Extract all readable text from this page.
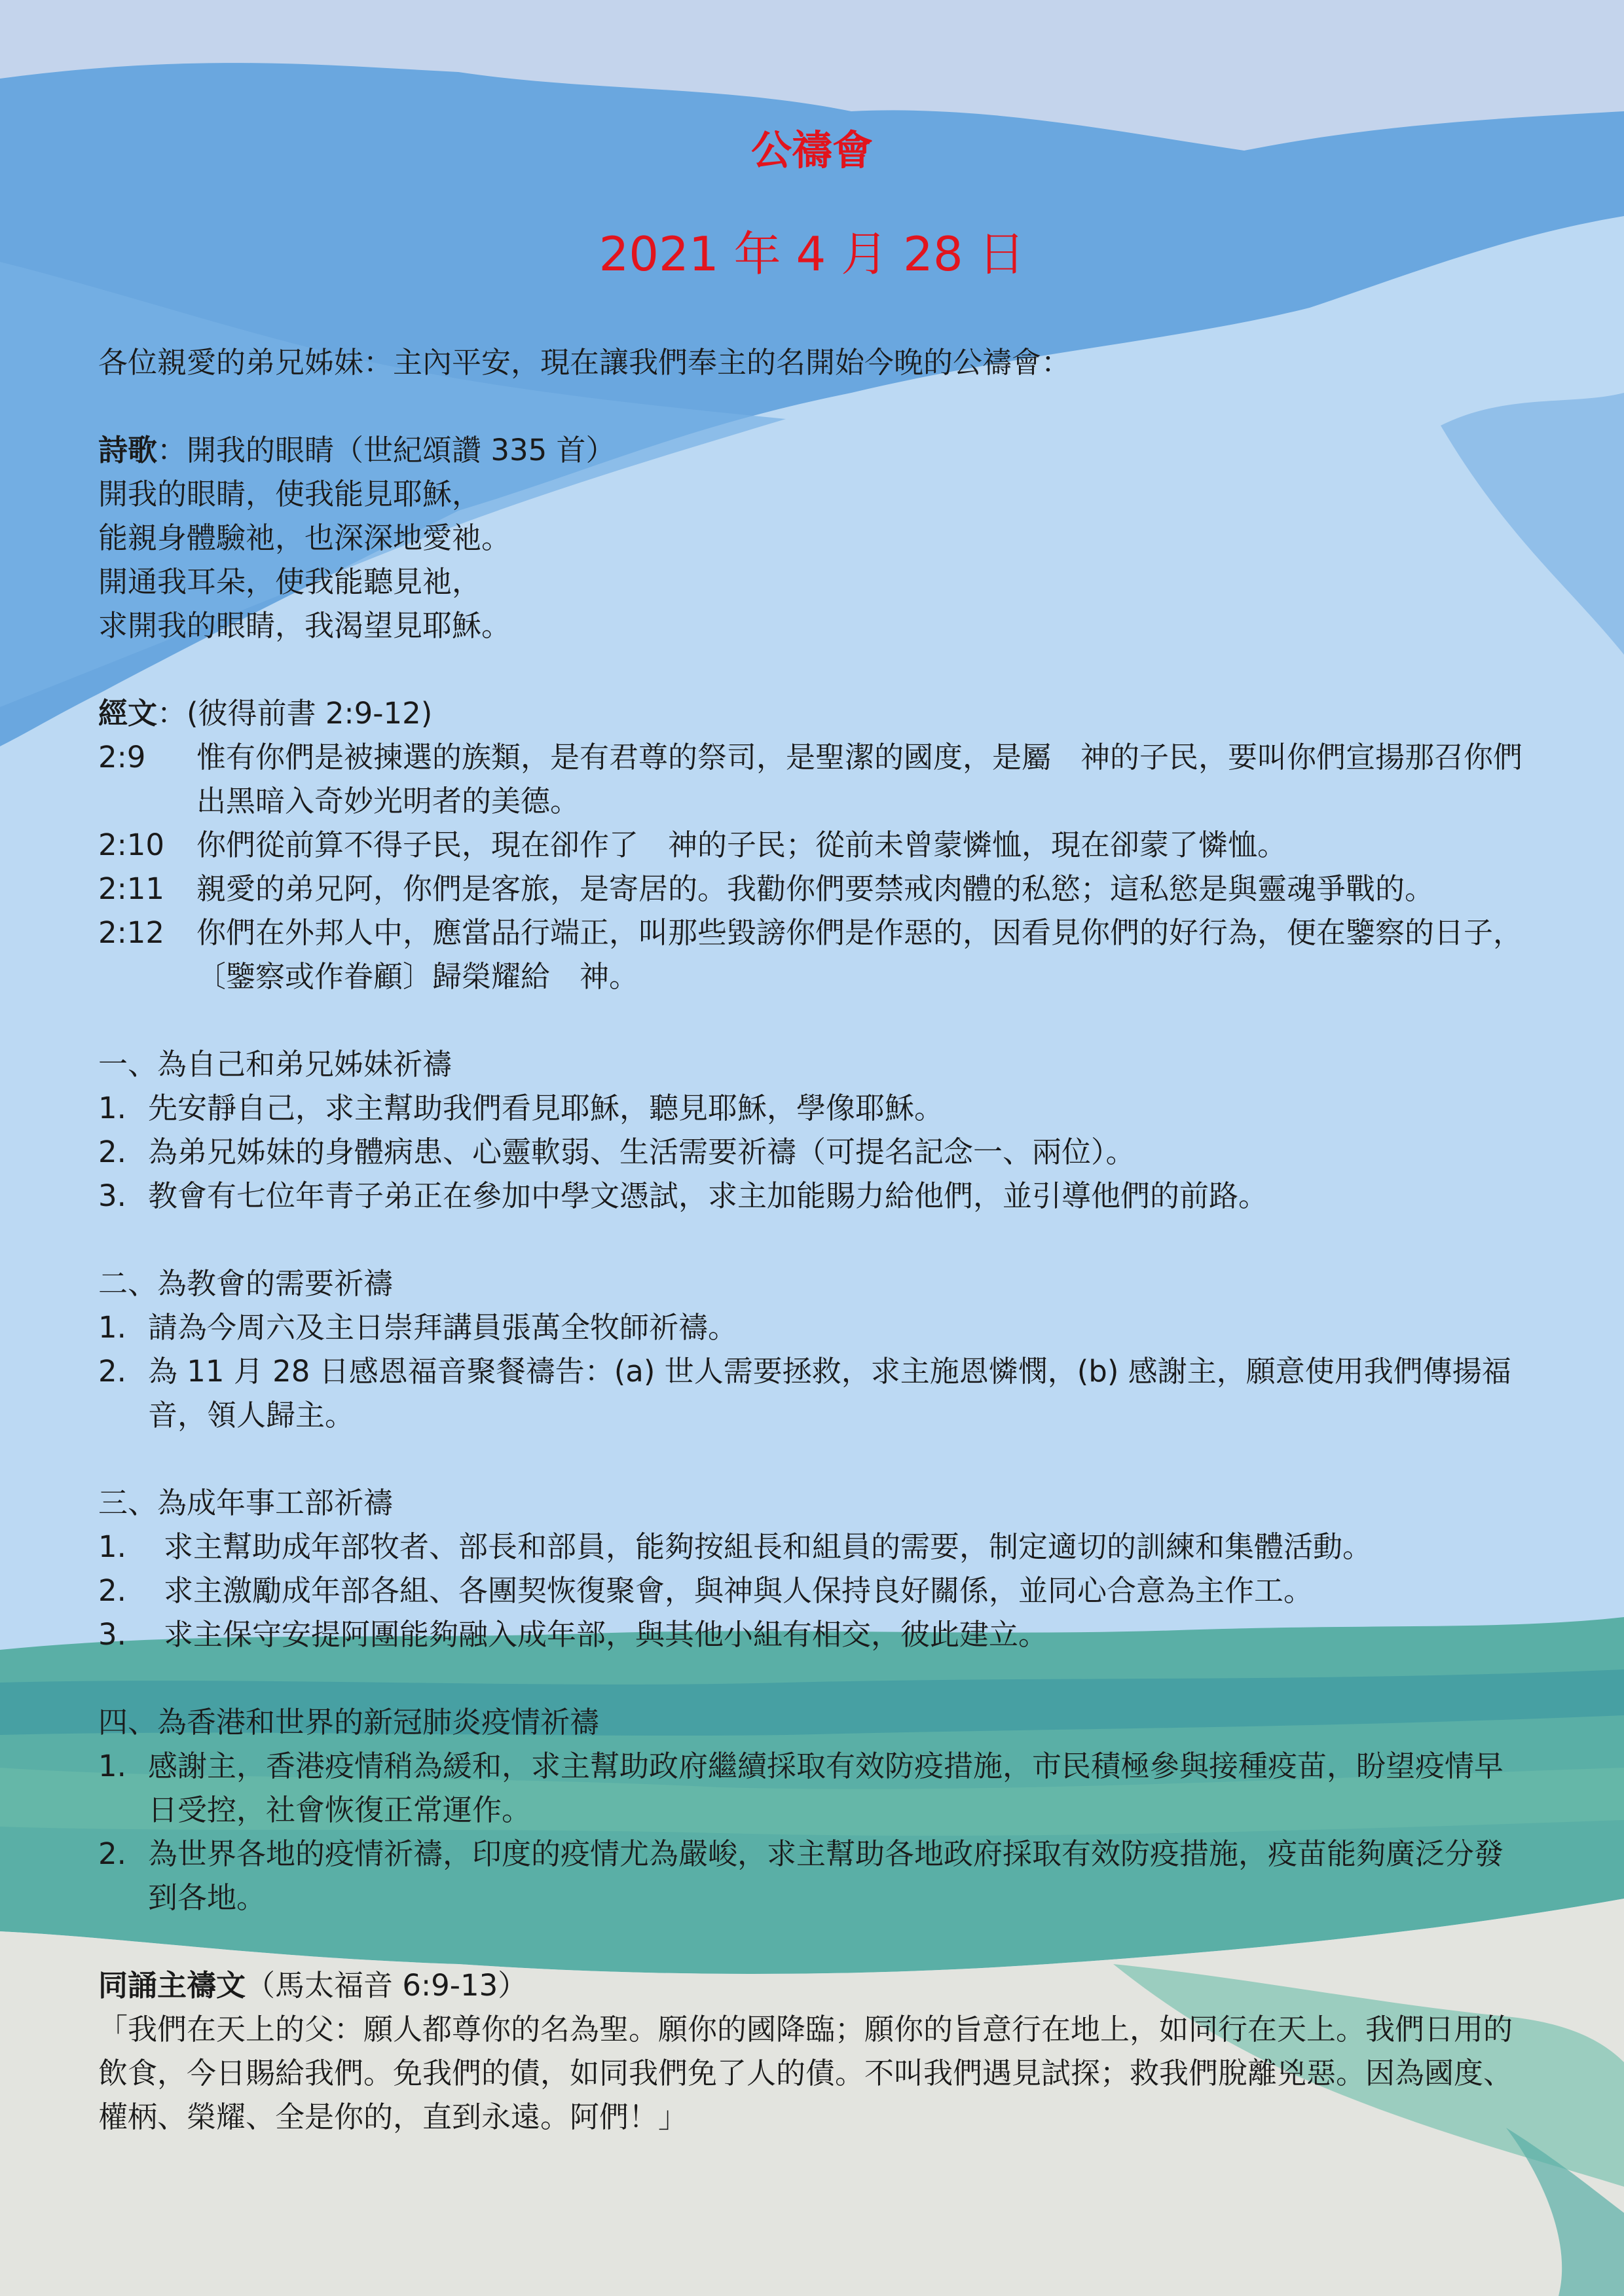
公禱會
2021 年 4 月 28 日

各位親愛的弟兄姊妹：主內平安，現在讓我們奉主的名開始今晚的公禱會：

詩歌：開我的眼睛（世紀頌讚 335 首）

開我的眼睛，使我能見耶穌，

能親身體驗祂，也深深地愛祂。

開通我耳朵，使我能聽見祂，

求開我的眼睛，我渴望見耶穌。

經文：(彼得前書 2:9-12)

2:9	惟有你們是被揀選的族類，是有君尊的祭司，是聖潔的國度，是屬　神的子民，要叫你們宣揚那召你們出黑暗入奇妙光明者的美德。
2:10	你們從前算不得子民，現在卻作了　神的子民；從前未曾蒙憐恤，現在卻蒙了憐恤。
2:11	親愛的弟兄阿，你們是客旅，是寄居的。我勸你們要禁戒肉體的私慾；這私慾是與靈魂爭戰的。
2:12	你們在外邦人中，應當品行端正，叫那些毀謗你們是作惡的，因看見你們的好行為，便在鑒察的日子，〔鑒察或作眷顧〕歸榮耀給　神。

一、為自己和弟兄姊妹祈禱

1. 先安靜自己，求主幫助我們看見耶穌，聽見耶穌，學像耶穌。
2. 為弟兄姊妹的身體病患、心靈軟弱、生活需要祈禱（可提名記念一、兩位）。
3. 教會有七位年青子弟正在參加中學文憑試，求主加能賜力給他們，並引導他們的前路。

二、為教會的需要祈禱

1. 請為今周六及主日崇拜講員張萬全牧師祈禱。
2. 為 11 月 28 日感恩福音聚餐禱告：(a) 世人需要拯救，求主施恩憐憫，(b) 感謝主，願意使用我們傳揚福音，領人歸主。

三、為成年事工部祈禱

1.	求主幫助成年部牧者、部長和部員，能夠按組長和組員的需要，制定適切的訓練和集體活動。
2.	求主激勵成年部各組、各團契恢復聚會，與神與人保持良好關係，並同心合意為主作工。
3.	求主保守安提阿團能夠融入成年部，與其他小組有相交，彼此建立。

四、為香港和世界的新冠肺炎疫情祈禱

1. 感謝主，香港疫情稍為緩和，求主幫助政府繼續採取有效防疫措施，市民積極參與接種疫苗，盼望疫情早日受控，社會恢復正常運作。
2. 為世界各地的疫情祈禱，印度的疫情尤為嚴峻，求主幫助各地政府採取有效防疫措施，疫苗能夠廣泛分發到各地。

同誦主禱文（馬太福音 6:9-13）

「我們在天上的父：願人都尊你的名為聖。願你的國降臨；願你的旨意行在地上，如同行在天上。我們日用的飲食，今日賜給我們。免我們的債，如同我們免了人的債。不叫我們遇見試探；救我們脫離兇惡。因為國度、權柄、榮耀、全是你的，直到永遠。阿們！」
